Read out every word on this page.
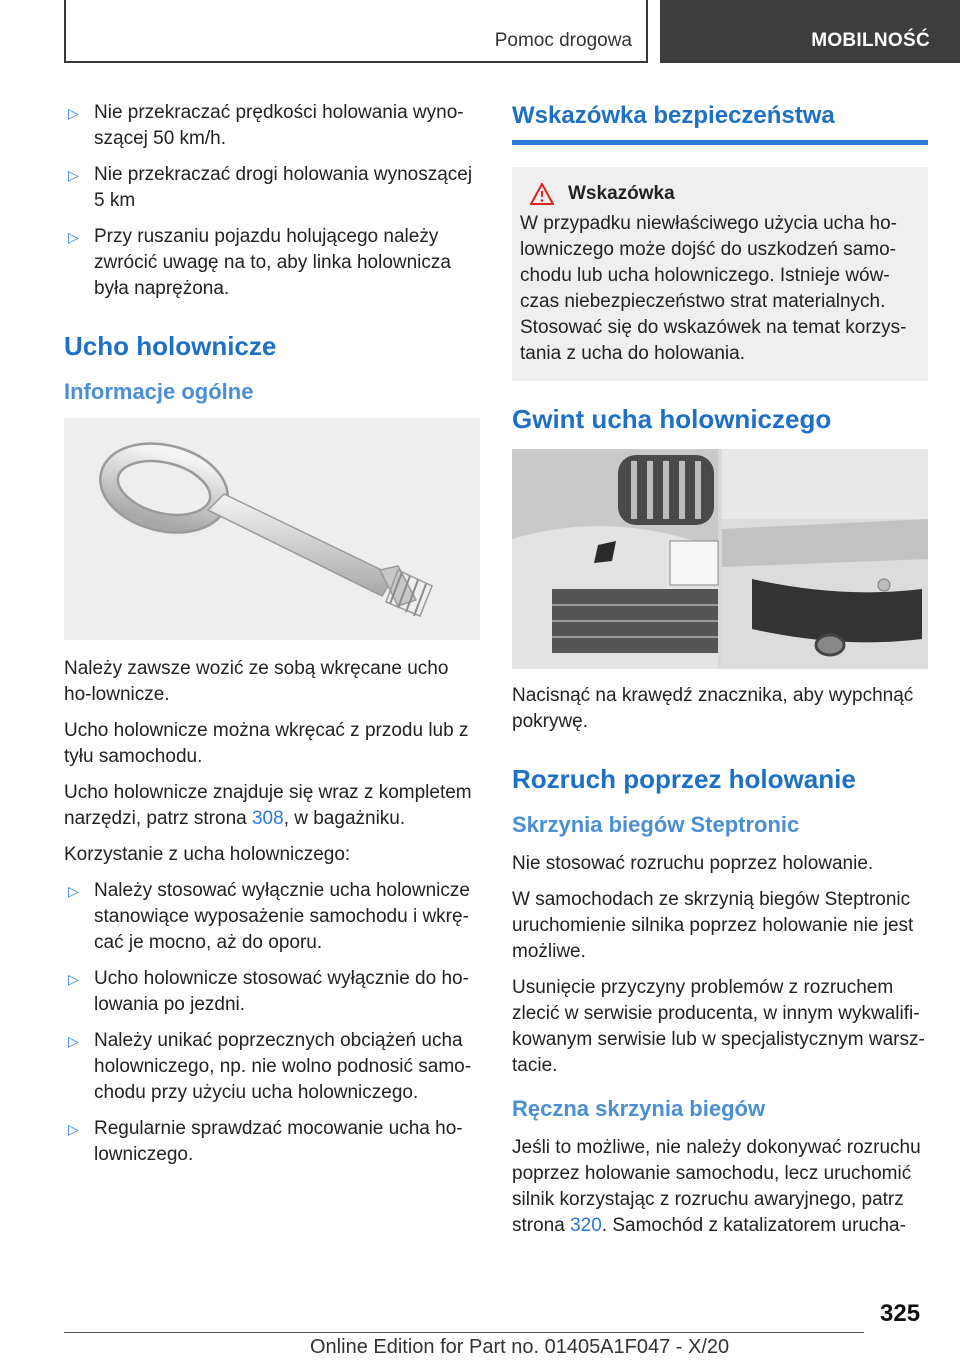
Pomoc drogowa	MOBILNOŚĆ
▷ Nie przekraczać prędkości holowania wyno-szącej 50 km/h.
▷ Nie przekraczać drogi holowania wynoszącej 5 km
▷ Przy ruszaniu pojazdu holującego należy zwrócić uwagę na to, aby linka holownicza była naprężona.
Ucho holownicze
Informacje ogólne

Należy zawsze wozić ze sobą wkręcane ucho ho-lownicze.

Ucho holownicze można wkręcać z przodu lub z tyłu samochodu.

Ucho holownicze znajduje się wraz z kompletem narzędzi, patrz strona 308, w bagażniku.

Korzystanie z ucha holowniczego:

▷ Należy stosować wyłącznie ucha holownicze stanowiące wyposażenie samochodu i wkrę-cać je mocno, aż do oporu.
▷ Ucho holownicze stosować wyłącznie do ho-lowania po jezdni.
▷ Należy unikać poprzecznych obciążeń ucha holowniczego, np. nie wolno podnosić samo-chodu przy użyciu ucha holowniczego.
▷ Regularnie sprawdzać mocowanie ucha ho-lowniczego.
Wskazówka bezpieczeństwa
Wskazówka

W przypadku niewłaściwego użycia ucha ho-lowniczego może dojść do uszkodzeń samo-chodu lub ucha holowniczego. Istnieje wów-czas niebezpieczeństwo strat materialnych. Stosować się do wskazówek na temat korzys-tania z ucha do holowania.

Gwint ucha holowniczego

Nacisnąć na krawędź znacznika, aby wypchnąć pokrywę.

Rozruch poprzez holowanie
Skrzynia biegów Steptronic

Nie stosować rozruchu poprzez holowanie.

W samochodach ze skrzynią biegów Steptronic uruchomienie silnika poprzez holowanie nie jest możliwe.

Usunięcie przyczyny problemów z rozruchem zlecić w serwisie producenta, w innym wykwalifi-kowanym serwisie lub w specjalistycznym warsz-tacie.

Ręczna skrzynia biegów

Jeśli to możliwe, nie należy dokonywać rozruchu poprzez holowanie samochodu, lecz uruchomić silnik korzystając z rozruchu awaryjnego, patrz strona 320. Samochód z katalizatorem urucha-

325
Online Edition for Part no. 01405A1F047 - X/20
